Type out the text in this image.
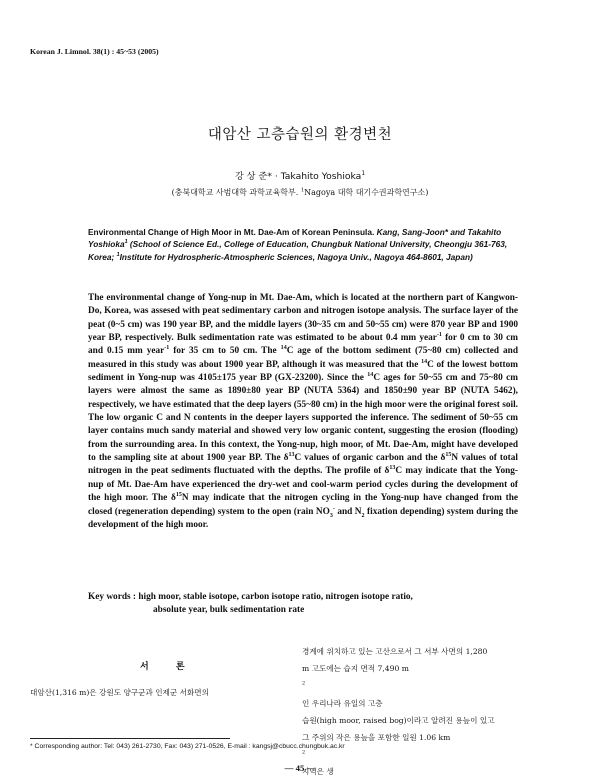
Korean J. Limnol. 38(1) : 45~53 (2005)
대암산 고층습원의 환경변천
강 상 준* · Takahito Yoshioka$^1$
(충북대학교 사범대학 과학교육학부. $^1$Nagoya 대학 대기수권과학연구소)

Environmental Change of High Moor in Mt. Dae-Am of Korean Peninsula. Kang, Sang-Joon* and Takahito Yoshioka$^1$ (School of Science Ed., College of Education, Chungbuk National University, Cheongju 361-763, Korea; $^1$Institute for Hydrospheric-Atmospheric Sciences, Nagoya Univ., Nagoya 464-8601, Japan)

The environmental change of Yong-nup in Mt. Dae-Am, which is located at the northern part of Kangwon-Do, Korea, was assesed with peat sedimentary carbon and nitrogen isotope analysis. The surface layer of the peat (0~5 cm) was 190 year BP, and the middle layers (30~35 cm and 50~55 cm) were 870 year BP and 1900 year BP, respectively. Bulk sedimentation rate was estimated to be about 0.4 mm year$^{-1}$ for 0 cm to 30 cm and 0.15 mm year$^{-1}$ for 35 cm to 50 cm. The $^{14}$C age of the bottom sediment (75~80 cm) collected and measured in this study was about 1900 year BP, although it was measured that the $^{14}$C of the lowest bottom sediment in Yong-nup was 4105±175 year BP (GX-23200). Since the $^{14}$C ages for 50~55 cm and 75~80 cm layers were almost the same as 1890±80 year BP (NUTA 5364) and 1850±90 year BP (NUTA 5462), respectively, we have estimated that the deep layers (55~80 cm) in the high moor were the original forest soil. The low organic C and N contents in the deeper layers supported the inference. The sediment of 50~55 cm layer contains much sandy material and showed very low organic content, suggesting the erosion (flooding) from the surrounding area. In this context, the Yong-nup, high moor, of Mt. Dae-Am, might have developed to the sampling site at about 1900 year BP. The $\delta^{13}C$ values of organic carbon and the $\delta^{15}N$ values of total nitrogen in the peat sediments fluctuated with the depths. The profile of $\delta^{13}C$ may indicate that the Yong-nup of Mt. Dae-Am have experienced the dry-wet and cool-warm period cycles during the development of the high moor. The $\delta^{15}N$ may indicate that the nitrogen cycling in the Yong-nup have changed from the closed (regeneration depending) system to the open (rain $NO_3^-$ and $N_2$ fixation depending) system during the development of the high moor.

Key words : high moor, stable isotope, carbon isotope ratio, nitrogen isotope ratio,
absolute year, bulk sedimentation rate

서 론

대암산(1,316 m)은 강원도 양구군과 인제군 서화면의

경계에 위치하고 있는 고산으로서 그 서부 사면의 1,280
m 고도에는 습지 면적 7,490 m
$^2$
인 우리나라 유일의 고층
습원(high moor, raised bog)이라고 알려진 용늪이 있고
그 주위의 작은 용늪을 포함한 일원 1.06 km
$^2$
지역은 생

* Corresponding author: Tel: 043) 261-2730, Fax: 043) 271-0526, E-mail : kangsj@cbucc.chungbuk.ac.kr
— 45 —
